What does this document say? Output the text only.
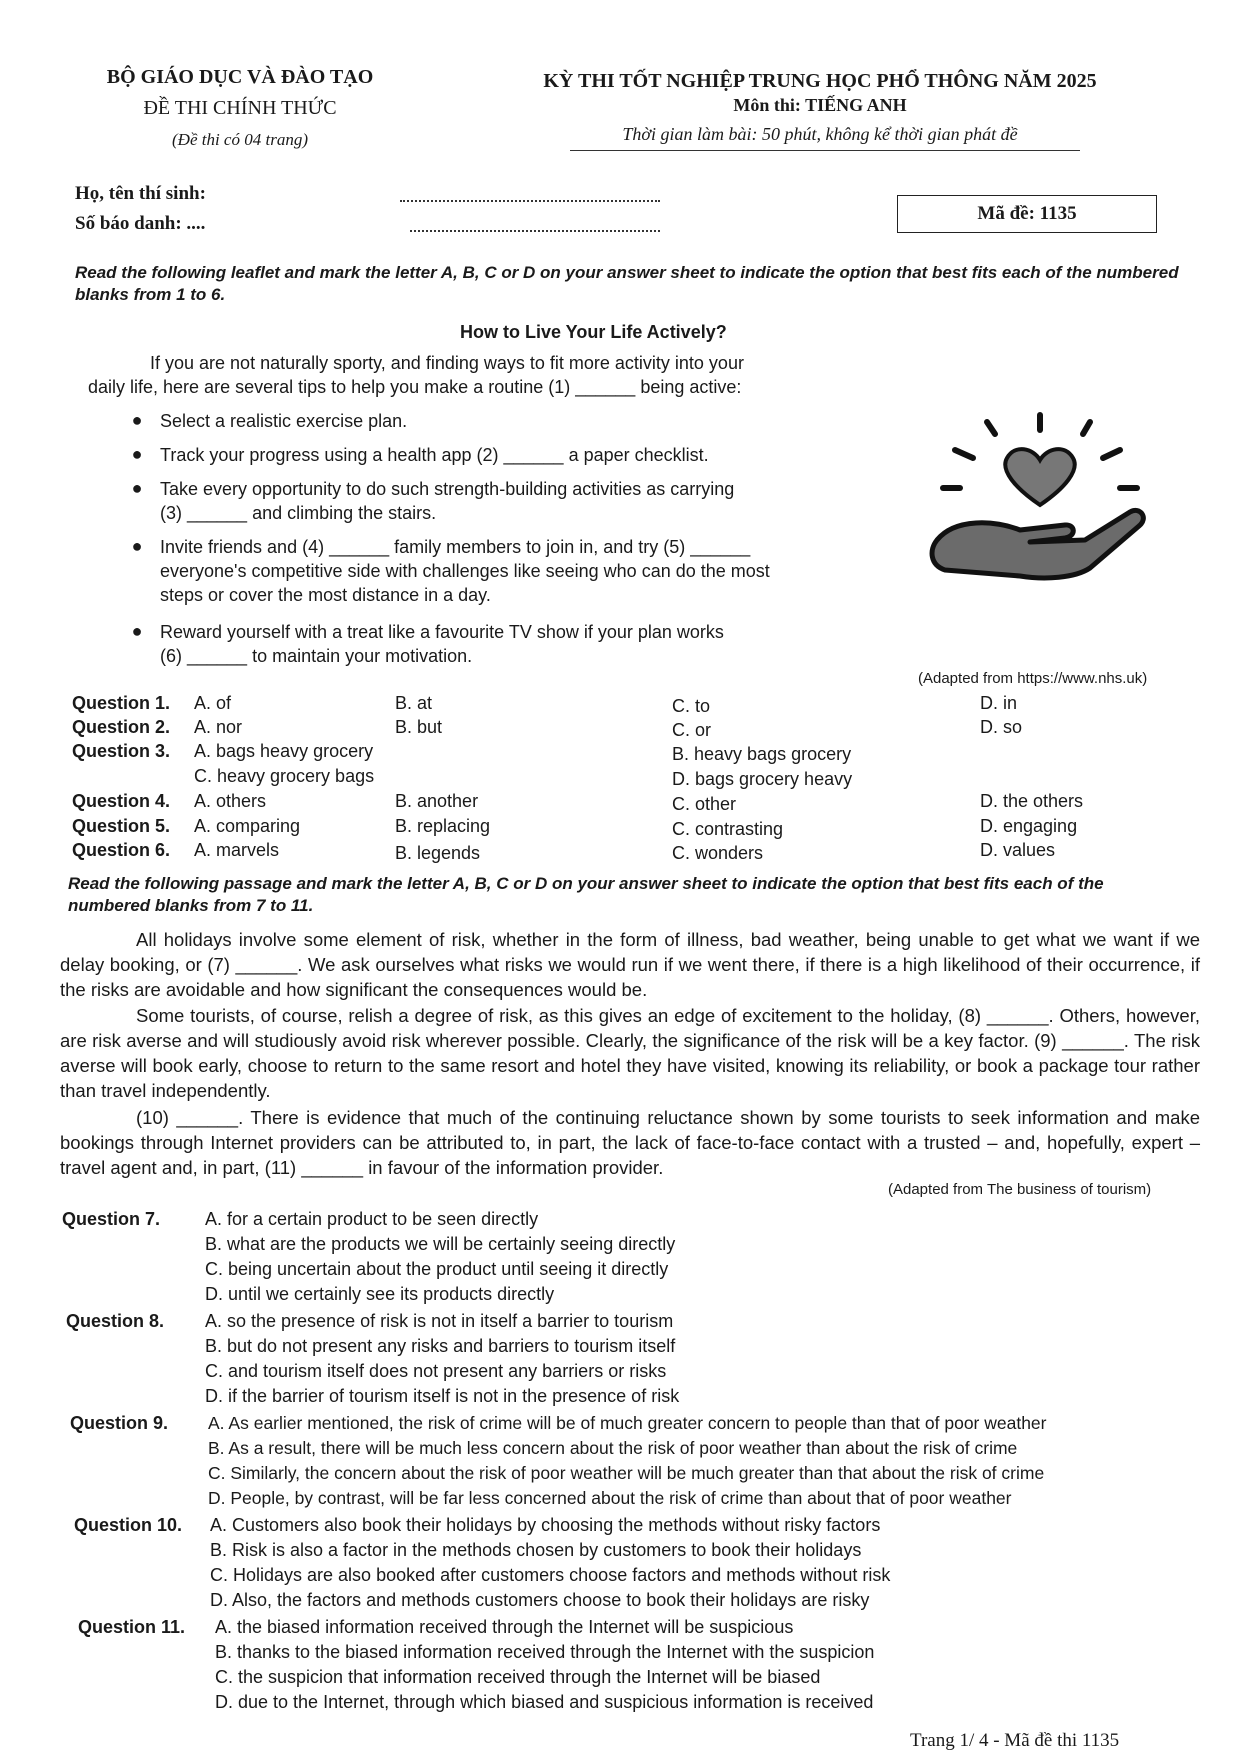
BỘ GIÁO DỤC VÀ ĐÀO TẠO
ĐỀ THI CHÍNH THỨC
(Đề thi có 04 trang)
KỲ THI TỐT NGHIỆP TRUNG HỌC PHỔ THÔNG NĂM 2025
Môn thi: TIẾNG ANH
Thời gian làm bài: 50 phút, không kể thời gian phát đề
Họ, tên thí sinh:
Số báo danh: ....	Mã đề: 1135
Read the following leaflet and mark the letter A, B, C or D on your answer sheet to indicate the option that best fits each of the numbered blanks from 1 to 6.
How to Live Your Life Actively?
If you are not naturally sporty, and finding ways to fit more activity into your
daily life, here are several tips to help you make a routine (1) ______ being active:
● Select a realistic exercise plan.
● Track your progress using a health app (2) ______ a paper checklist.
● Take every opportunity to do such strength-building activities as carrying
(3) ______ and climbing the stairs.
● Invite friends and (4) ______ family members to join in, and try (5) ______
everyone's competitive side with challenges like seeing who can do the most
steps or cover the most distance in a day.
● Reward yourself with a treat like a favourite TV show if your plan works
(6) ______ to maintain your motivation.
(Adapted from https://www.nhs.uk)
Question 1. A. of	B. at	C. to	D. in
Question 2. A. nor	B. but	C. or	D. so
Question 3. A. bags heavy grocery	B. heavy bags grocery
C. heavy grocery bags	D. bags grocery heavy
Question 4. A. others	B. another	C. other	D. the others
Question 5. A. comparing	B. replacing	C. contrasting	D. engaging
Question 6. A. marvels	B. legends	C. wonders	D. values
Read the following passage and mark the letter A, B, C or D on your answer sheet to indicate the option that best fits each of the numbered blanks from 7 to 11.
All holidays involve some element of risk, whether in the form of illness, bad weather, being unable to get what we want if we delay booking, or (7) ______. We ask ourselves what risks we would run if we went there, if there is a high likelihood of their occurrence, if the risks are avoidable and how significant the consequences would be.
Some tourists, of course, relish a degree of risk, as this gives an edge of excitement to the holiday, (8) ______. Others, however, are risk averse and will studiously avoid risk wherever possible. Clearly, the significance of the risk will be a key factor. (9) ______. The risk averse will book early, choose to return to the same resort and hotel they have visited, knowing its reliability, or book a package tour rather than travel independently.
(10) ______. There is evidence that much of the continuing reluctance shown by some tourists to seek information and make bookings through Internet providers can be attributed to, in part, the lack of face-to-face contact with a trusted – and, hopefully, expert – travel agent and, in part, (11) ______ in favour of the information provider.
(Adapted from The business of tourism)
Question 7. A. for a certain product to be seen directly
B. what are the products we will be certainly seeing directly
C. being uncertain about the product until seeing it directly
D. until we certainly see its products directly
Question 8. A. so the presence of risk is not in itself a barrier to tourism
B. but do not present any risks and barriers to tourism itself
C. and tourism itself does not present any barriers or risks
D. if the barrier of tourism itself is not in the presence of risk
Question 9. A. As earlier mentioned, the risk of crime will be of much greater concern to people than that of poor weather
B. As a result, there will be much less concern about the risk of poor weather than about the risk of crime
C. Similarly, the concern about the risk of poor weather will be much greater than that about the risk of crime
D. People, by contrast, will be far less concerned about the risk of crime than about that of poor weather
Question 10. A. Customers also book their holidays by choosing the methods without risky factors
B. Risk is also a factor in the methods chosen by customers to book their holidays
C. Holidays are also booked after customers choose factors and methods without risk
D. Also, the factors and methods customers choose to book their holidays are risky
Question 11. A. the biased information received through the Internet will be suspicious
B. thanks to the biased information received through the Internet with the suspicion
C. the suspicion that information received through the Internet will be biased
D. due to the Internet, through which biased and suspicious information is received
Trang 1/ 4 - Mã đề thi 1135
